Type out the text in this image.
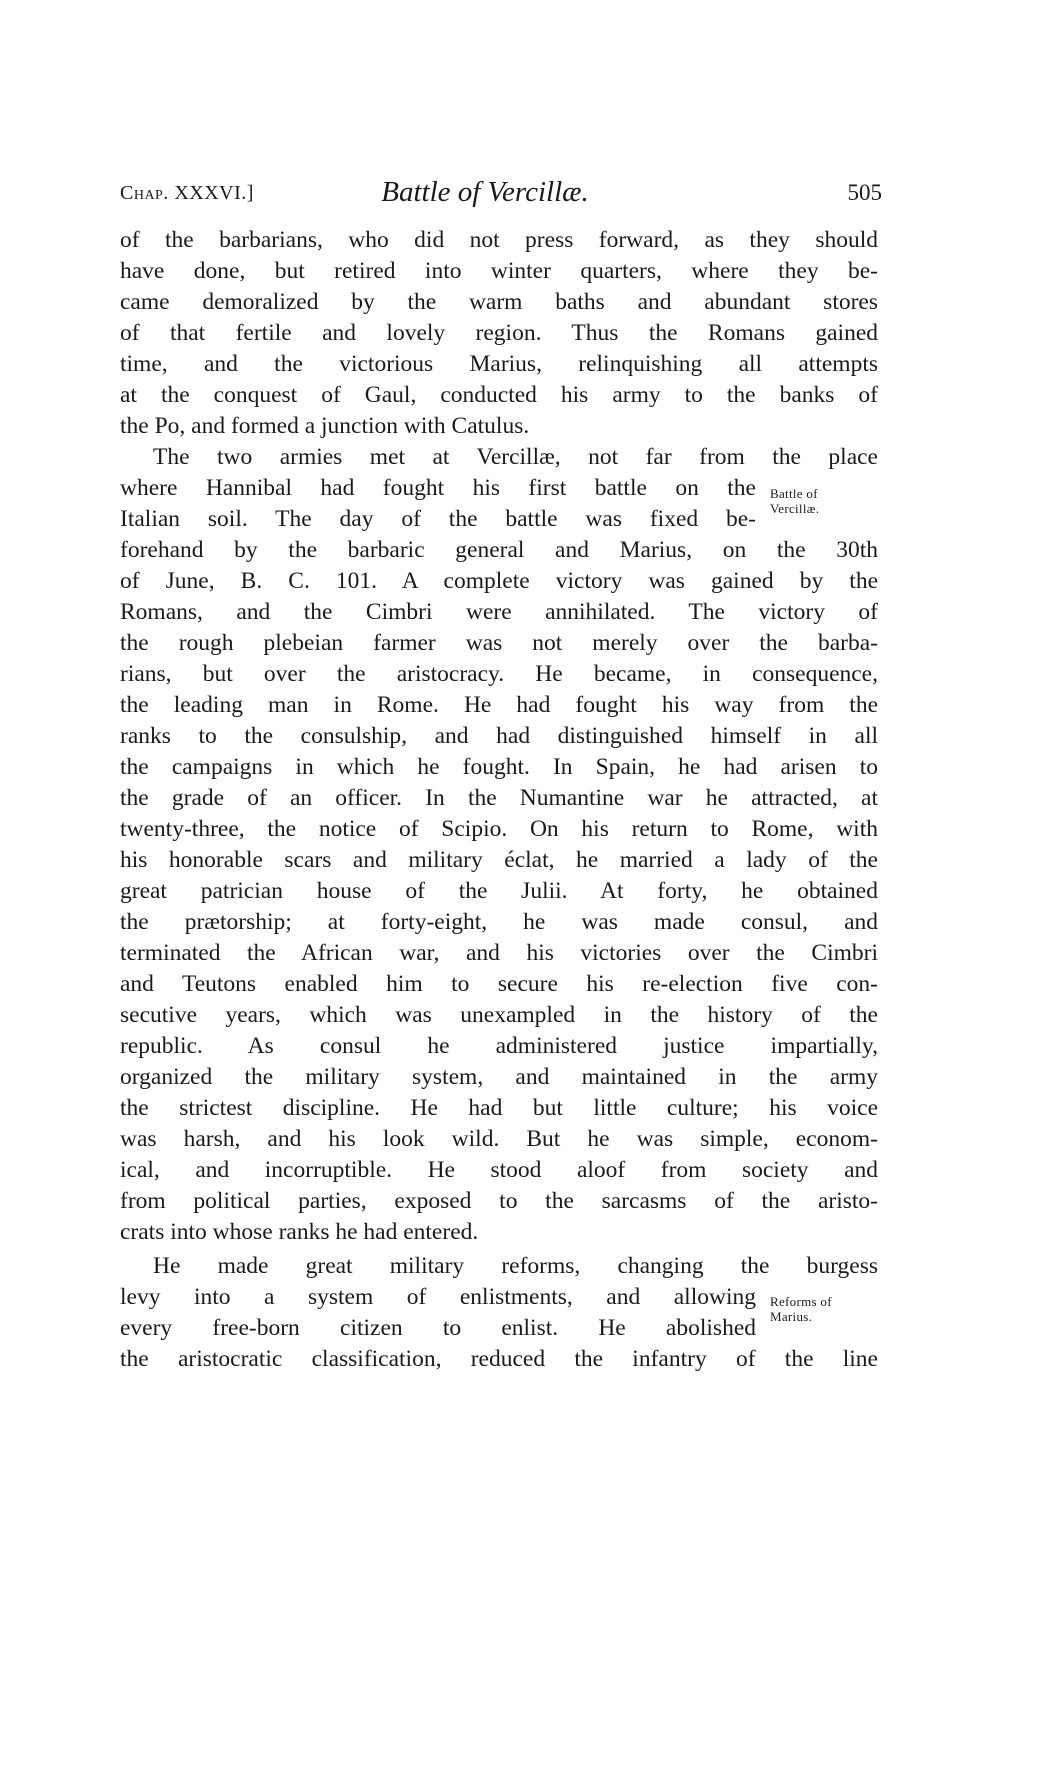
Chap. XXXVI.]	Battle of Vercillæ.	505
of the barbarians, who did not press forward, as they should
have done, but retired into winter quarters, where they be-
came demoralized by the warm baths and abundant stores
of that fertile and lovely region. Thus the Romans gained
time, and the victorious Marius, relinquishing all attempts
at the conquest of Gaul, conducted his army to the banks of
the Po, and formed a junction with Catulus.
The two armies met at Vercillæ, not far from the place
where Hannibal had fought his first battle on the
Italian soil. The day of the battle was fixed be-
forehand by the barbaric general and Marius, on the 30th
of June, B. C. 101. A complete victory was gained by the
Romans, and the Cimbri were annihilated. The victory of
the rough plebeian farmer was not merely over the barba-
rians, but over the aristocracy. He became, in consequence,
the leading man in Rome. He had fought his way from the
ranks to the consulship, and had distinguished himself in all
the campaigns in which he fought. In Spain, he had arisen to
the grade of an officer. In the Numantine war he attracted, at
twenty-three, the notice of Scipio. On his return to Rome, with
his honorable scars and military éclat, he married a lady of the
great patrician house of the Julii. At forty, he obtained
the prætorship; at forty-eight, he was made consul, and
terminated the African war, and his victories over the Cimbri
and Teutons enabled him to secure his re-election five con-
secutive years, which was unexampled in the history of the
republic. As consul he administered justice impartially,
organized the military system, and maintained in the army
the strictest discipline. He had but little culture; his voice
was harsh, and his look wild. But he was simple, econom-
ical, and incorruptible. He stood aloof from society and
from political parties, exposed to the sarcasms of the aristo-
crats into whose ranks he had entered.
He made great military reforms, changing the burgess
levy into a system of enlistments, and allowing
every free-born citizen to enlist. He abolished
the aristocratic classification, reduced the infantry of the line
Battle of
Vercillæ.
Reforms of
Marius.
